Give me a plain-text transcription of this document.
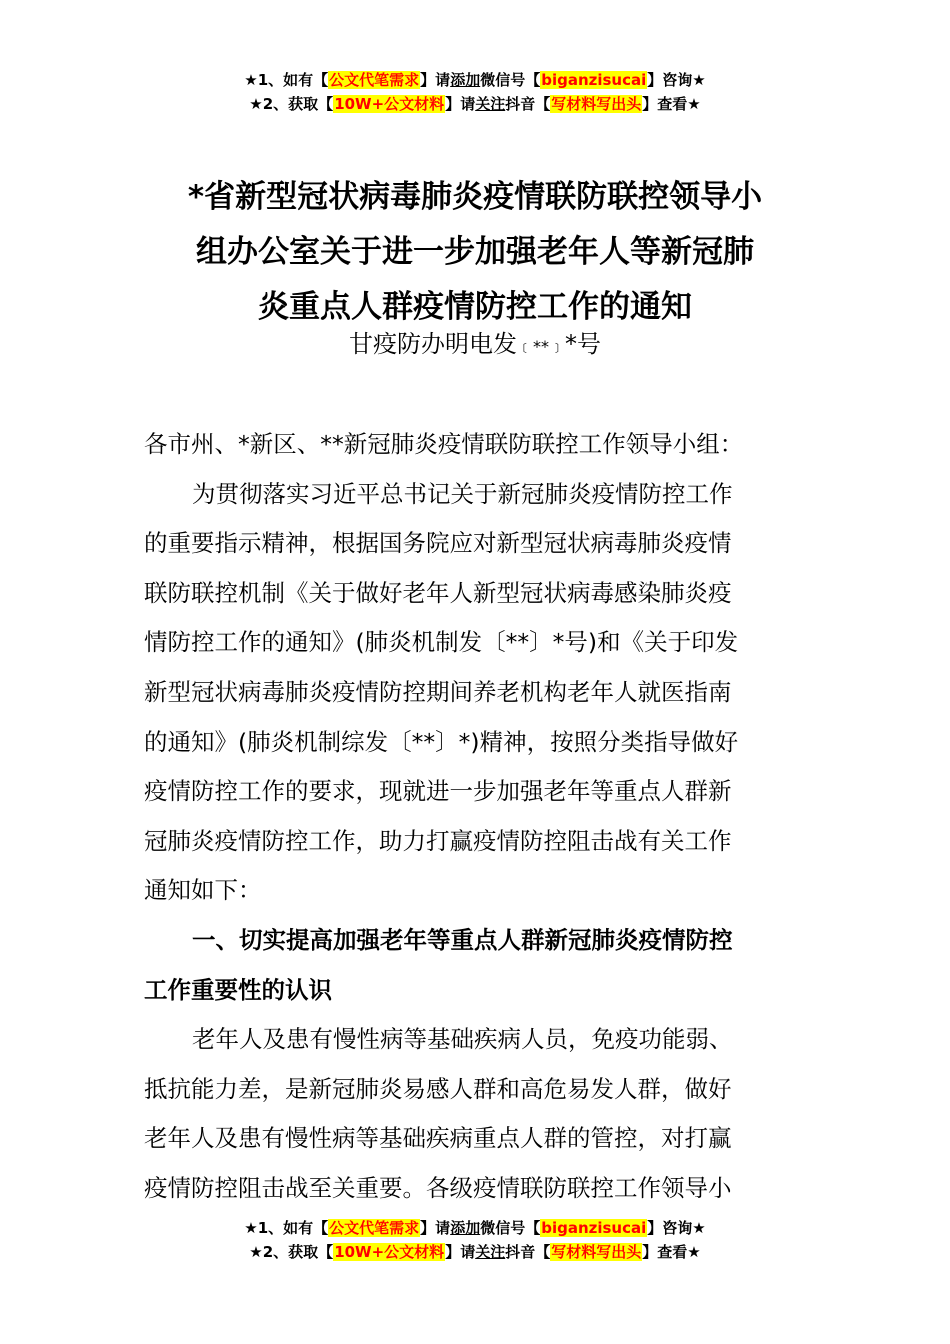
★1、如有【公文代笔需求】请添加微信号【biganzisucai】咨询★
★2、获取【10W+公文材料】请关注抖音【写材料写出头】查看★
*省新型冠状病毒肺炎疫情联防联控领导小
组办公室关于进一步加强老年人等新冠肺
炎重点人群疫情防控工作的通知
甘疫防办明电发﹝**﹞*号

各市州、*新区、**新冠肺炎疫情联防联控工作领导小组：

为贯彻落实习近平总书记关于新冠肺炎疫情防控工作
的重要指示精神，根据国务院应对新型冠状病毒肺炎疫情
联防联控机制《关于做好老年人新型冠状病毒感染肺炎疫
情防控工作的通知》(肺炎机制发〔**〕*号)和《关于印发
新型冠状病毒肺炎疫情防控期间养老机构老年人就医指南
的通知》(肺炎机制综发〔**〕*)精神，按照分类指导做好
疫情防控工作的要求，现就进一步加强老年等重点人群新
冠肺炎疫情防控工作，助力打赢疫情防控阻击战有关工作
通知如下：

一、切实提高加强老年等重点人群新冠肺炎疫情防控
工作重要性的认识

老年人及患有慢性病等基础疾病人员，免疫功能弱、
抵抗能力差，是新冠肺炎易感人群和高危易发人群，做好
老年人及患有慢性病等基础疾病重点人群的管控，对打赢
疫情防控阻击战至关重要。各级疫情联防联控工作领导小

★1、如有【公文代笔需求】请添加微信号【biganzisucai】咨询★
★2、获取【10W+公文材料】请关注抖音【写材料写出头】查看★
